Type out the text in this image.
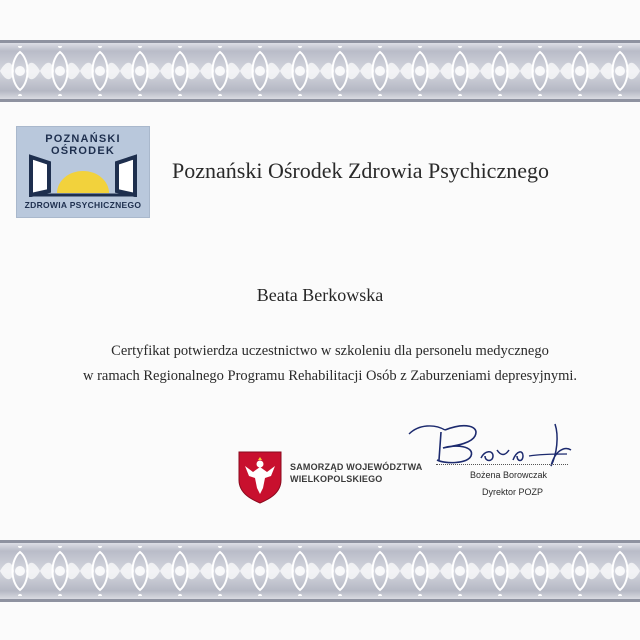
POZNAŃSKI OŚRODEK
ZDROWIA PSYCHICZNEGO
Poznański Ośrodek Zdrowia Psychicznego
Beata Berkowska
Certyfikat potwierdza uczestnictwo w szkoleniu dla personelu medycznego
w ramach Regionalnego Programu Rehabilitacji Osób z Zaburzeniami depresyjnymi.
SAMORZĄD WOJEWÓDZTWA
WIELKOPOLSKIEGO	Bożena Borowczak
Dyrektor POZP
